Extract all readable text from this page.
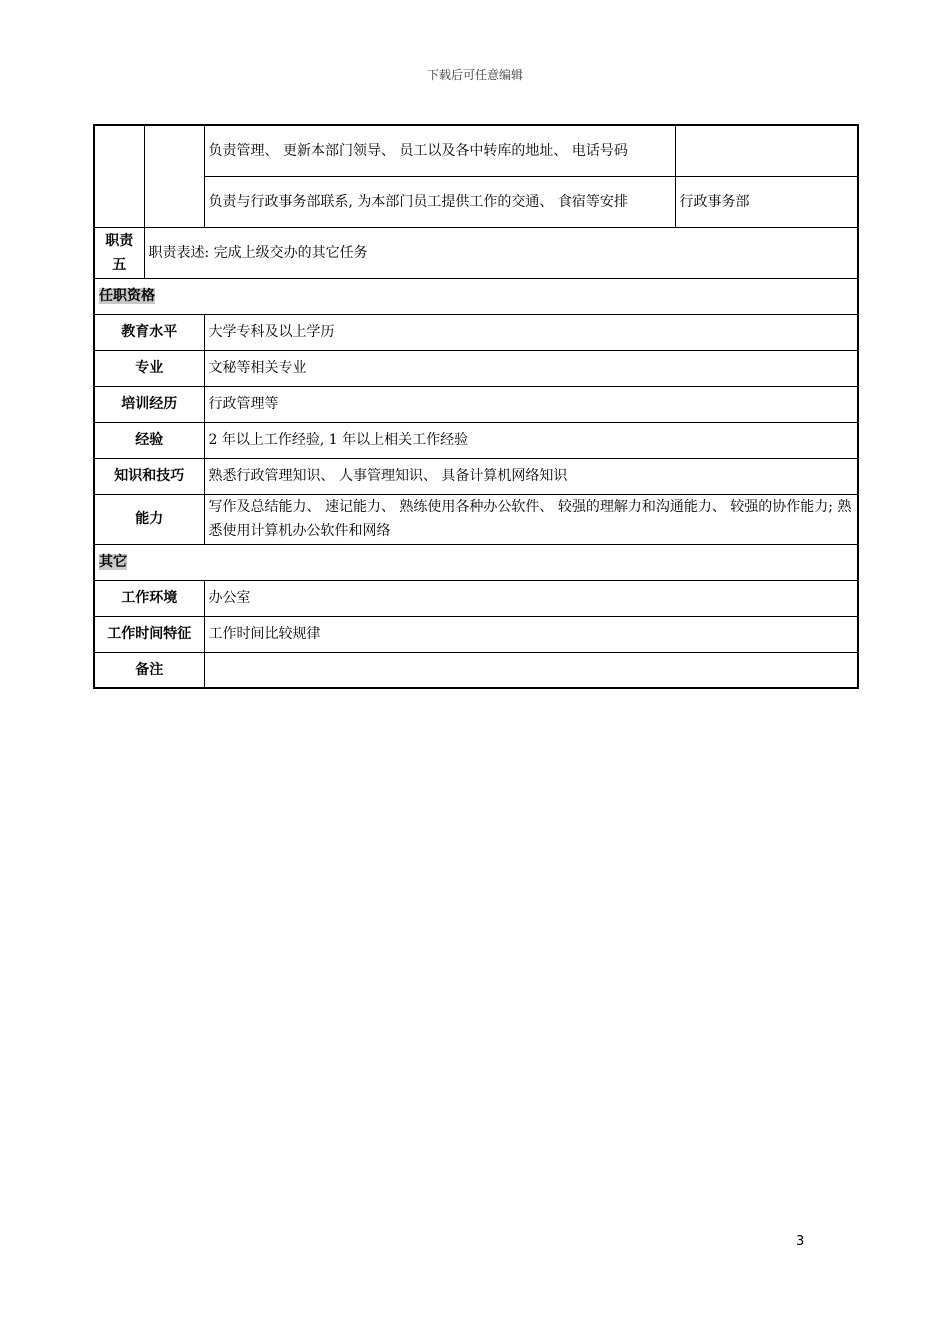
下载后可任意编辑
		负责管理、 更新本部门领导、 员工以及各中转库的地址、 电话号码	
		负责与行政事务部联系, 为本部门员工提供工作的交通、 食宿等安排	行政事务部
职责五	职责表述: 完成上级交办的其它任务		
任职资格			
教育水平		大学专科及以上学历	
专业		文秘等相关专业	
培训经历		行政管理等	
经验		2 年以上工作经验, 1 年以上相关工作经验	
知识和技巧		熟悉行政管理知识、 人事管理知识、 具备计算机网络知识	
能力		写作及总结能力、 速记能力、 熟练使用各种办公软件、 较强的理解力和沟通能力、 较强的协作能力; 熟悉使用计算机办公软件和网络	
其它			
工作环境		办公室	
工作时间特征		工作时间比较规律	
备注			
3
